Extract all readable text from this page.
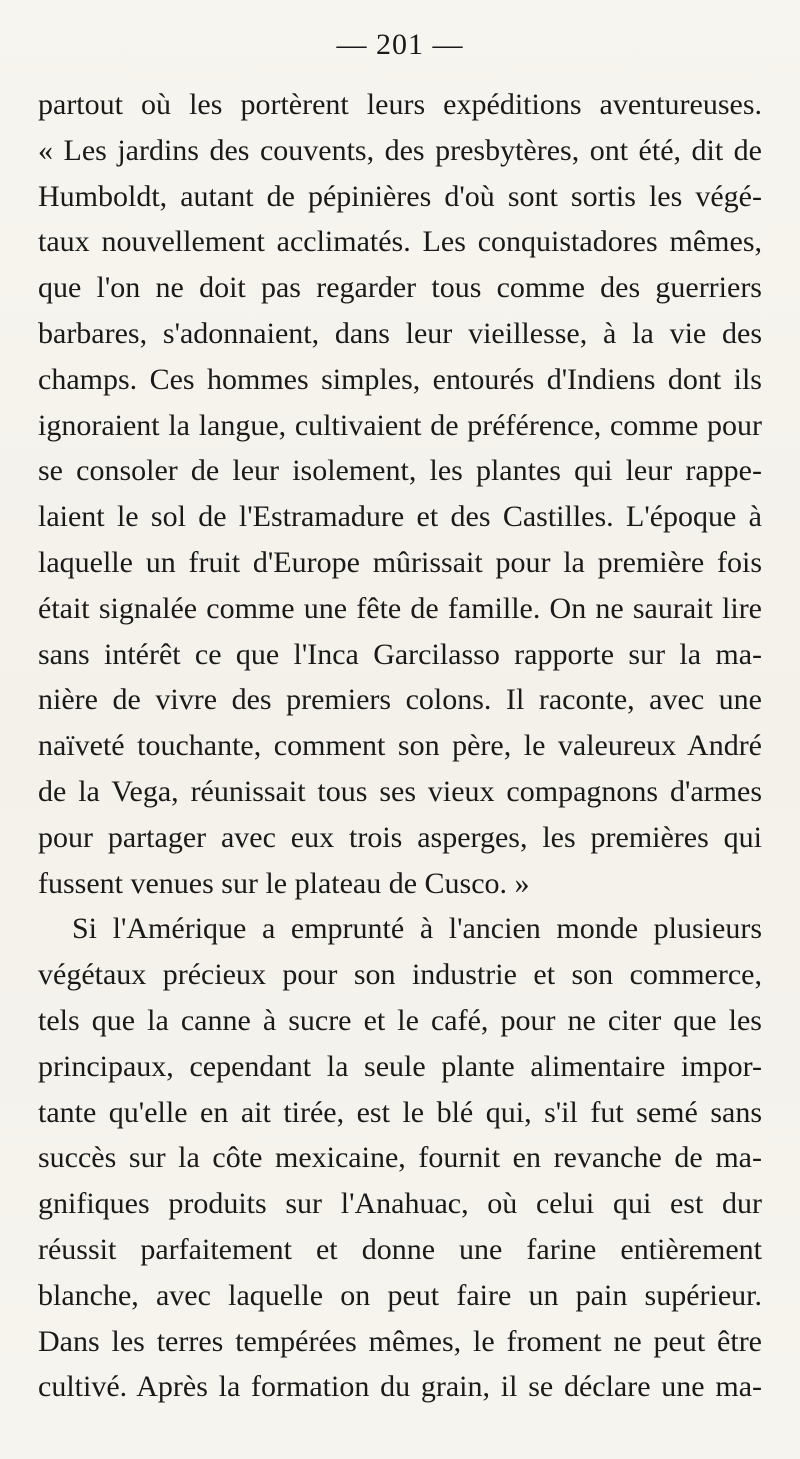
— 201 —
partout où les portèrent leurs expéditions aventureuses.
« Les jardins des couvents, des presbytères, ont été, dit de
Humboldt, autant de pépinières d'où sont sortis les végé-
taux nouvellement acclimatés. Les conquistadores mêmes,
que l'on ne doit pas regarder tous comme des guerriers
barbares, s'adonnaient, dans leur vieillesse, à la vie des
champs. Ces hommes simples, entourés d'Indiens dont ils
ignoraient la langue, cultivaient de préférence, comme pour
se consoler de leur isolement, les plantes qui leur rappe-
laient le sol de l'Estramadure et des Castilles. L'époque à
laquelle un fruit d'Europe mûrissait pour la première fois
était signalée comme une fête de famille. On ne saurait lire
sans intérêt ce que l'Inca Garcilasso rapporte sur la ma-
nière de vivre des premiers colons. Il raconte, avec une
naïveté touchante, comment son père, le valeureux André
de la Vega, réunissait tous ses vieux compagnons d'armes
pour partager avec eux trois asperges, les premières qui
fussent venues sur le plateau de Cusco. »
Si l'Amérique a emprunté à l'ancien monde plusieurs
végétaux précieux pour son industrie et son commerce,
tels que la canne à sucre et le café, pour ne citer que les
principaux, cependant la seule plante alimentaire impor-
tante qu'elle en ait tirée, est le blé qui, s'il fut semé sans
succès sur la côte mexicaine, fournit en revanche de ma-
gnifiques produits sur l'Anahuac, où celui qui est dur
réussit parfaitement et donne une farine entièrement
blanche, avec laquelle on peut faire un pain supérieur.
Dans les terres tempérées mêmes, le froment ne peut être
cultivé. Après la formation du grain, il se déclare une ma-
